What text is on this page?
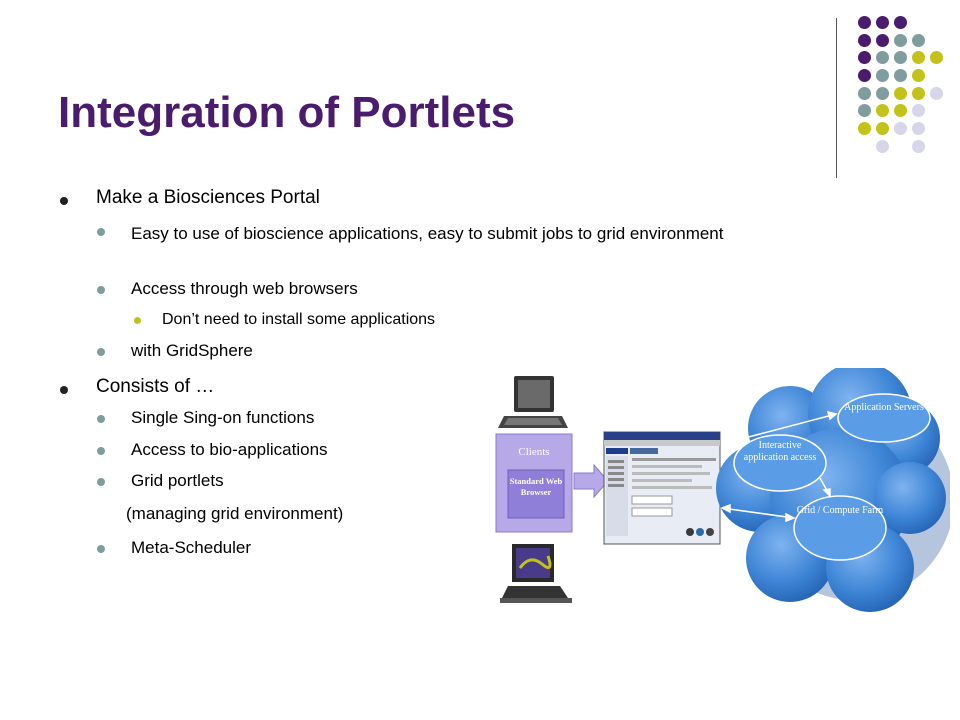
Integration of Portlets
Make a Biosciences Portal
Easy to use of bioscience applications, easy to submit jobs to grid environment
Access through web browsers
Don’t need to install some applications
with GridSphere
Consists of …
Single Sing-on functions
Access to bio-applications
Grid portlets
(managing grid environment)
Meta-Scheduler
Clients
Standard Web Browser
Application Servers
Interactive application access
Grid / Compute Farm
